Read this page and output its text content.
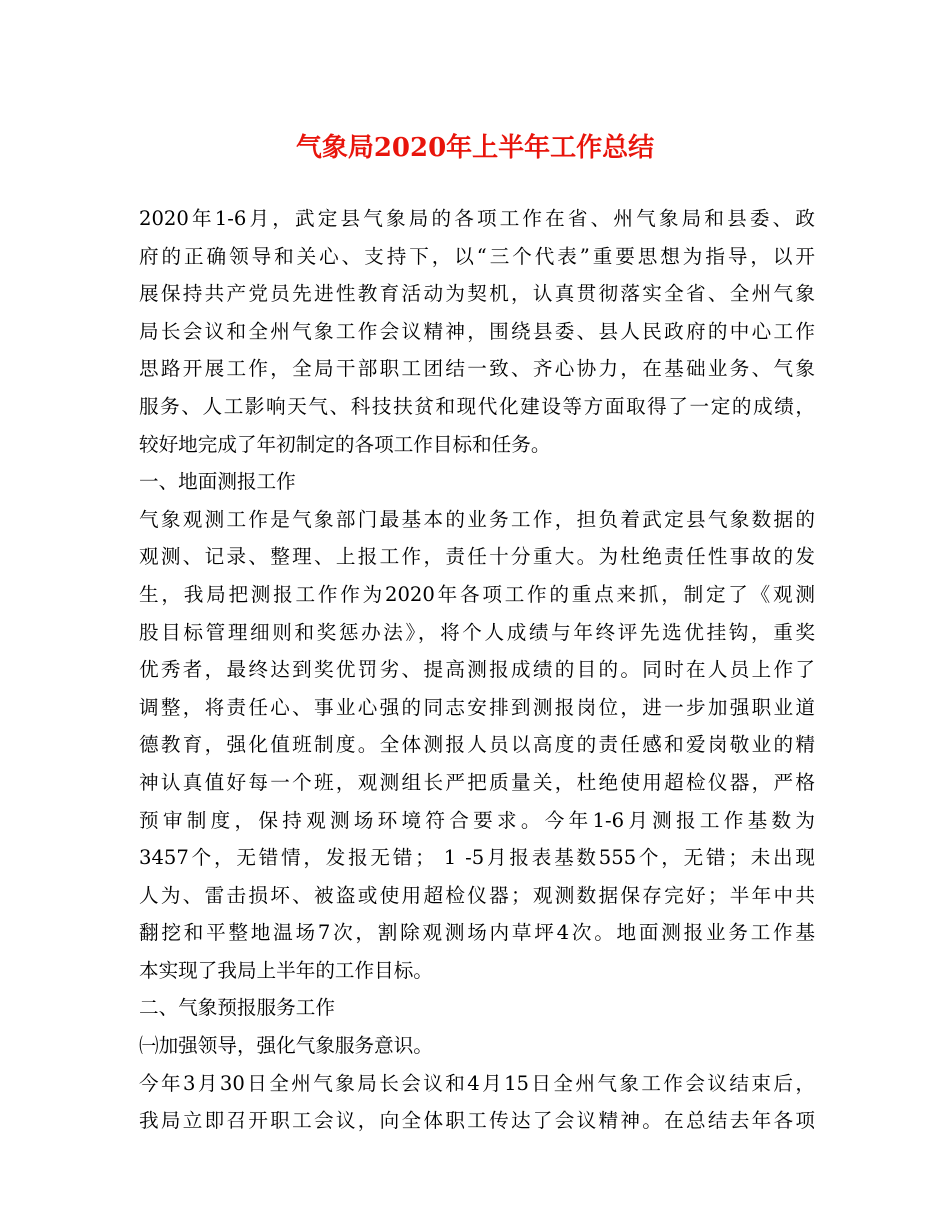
气象局2020年上半年工作总结
2020年1-6月，武定县气象局的各项工作在省、州气象局和县委、政
府的正确领导和关心、支持下，以“三个代表”重要思想为指导，以开
展保持共产党员先进性教育活动为契机，认真贯彻落实全省、全州气象
局长会议和全州气象工作会议精神，围绕县委、县人民政府的中心工作
思路开展工作，全局干部职工团结一致、齐心协力，在基础业务、气象
服务、人工影响天气、科技扶贫和现代化建设等方面取得了一定的成绩，
较好地完成了年初制定的各项工作目标和任务。
一、地面测报工作
气象观测工作是气象部门最基本的业务工作，担负着武定县气象数据的
观测、记录、整理、上报工作，责任十分重大。为杜绝责任性事故的发
生，我局把测报工作作为2020年各项工作的重点来抓，制定了《观测
股目标管理细则和奖惩办法》，将个人成绩与年终评先选优挂钩，重奖
优秀者，最终达到奖优罚劣、提高测报成绩的目的。同时在人员上作了
调整，将责任心、事业心强的同志安排到测报岗位，进一步加强职业道
德教育，强化值班制度。全体测报人员以高度的责任感和爱岗敬业的精
神认真值好每一个班，观测组长严把质量关，杜绝使用超检仪器，严格
预审制度，保持观测场环境符合要求。今年1-6月测报工作基数为
3457个，无错情，发报无错； 1 -5月报表基数555个，无错；未出现
人为、雷击损坏、被盗或使用超检仪器；观测数据保存完好；半年中共
翻挖和平整地温场7次，割除观测场内草坪4次。地面测报业务工作基
本实现了我局上半年的工作目标。
二、气象预报服务工作
㈠加强领导，强化气象服务意识。
今年3月30日全州气象局长会议和4月15日全州气象工作会议结束后，
我局立即召开职工会议，向全体职工传达了会议精神。在总结去年各项
